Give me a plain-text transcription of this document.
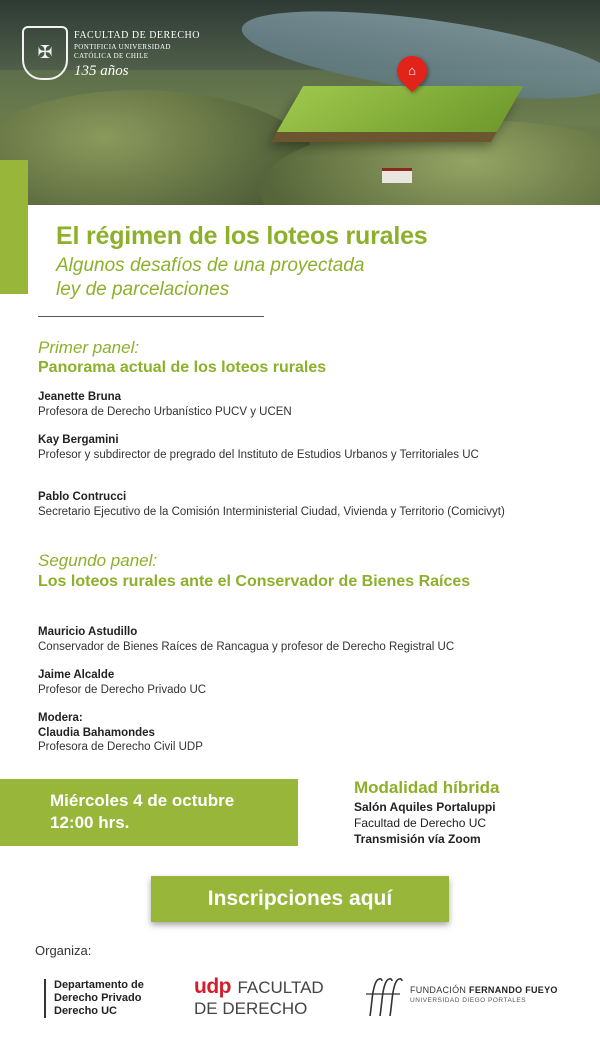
⌂
✠
FACULTAD DE DERECHO
PONTIFICIA UNIVERSIDAD
CATÓLICA DE CHILE
135 años
El régimen de los loteos rurales
Algunos desafíos de una proyectada
ley de parcelaciones
Primer panel:
Panorama actual de los loteos rurales
Jeanette Bruna
Profesora de Derecho Urbanístico PUCV y UCEN
Kay Bergamini
Profesor y subdirector de pregrado del Instituto de Estudios Urbanos y Territoriales UC
Pablo Contrucci
Secretario Ejecutivo de la Comisión Interministerial Ciudad, Vivienda y Territorio (Comicivyt)
Segundo panel:
Los loteos rurales ante el Conservador de Bienes Raíces
Mauricio Astudillo
Conservador de Bienes Raíces de Rancagua y profesor de Derecho Registral UC
Jaime Alcalde
Profesor de Derecho Privado UC
Modera:
Claudia Bahamondes
Profesora de Derecho Civil UDP
Miércoles 4 de octubre
12:00 hrs.
Modalidad híbrida
Salón Aquiles Portaluppi
Facultad de Derecho UC
Transmisión vía Zoom
Inscripciones aquí
Organiza:
Departamento de
Derecho Privado
Derecho UC
udp FACULTAD
DE DERECHO
FUNDACIÓN FERNANDO FUEYO
UNIVERSIDAD DIEGO PORTALES
